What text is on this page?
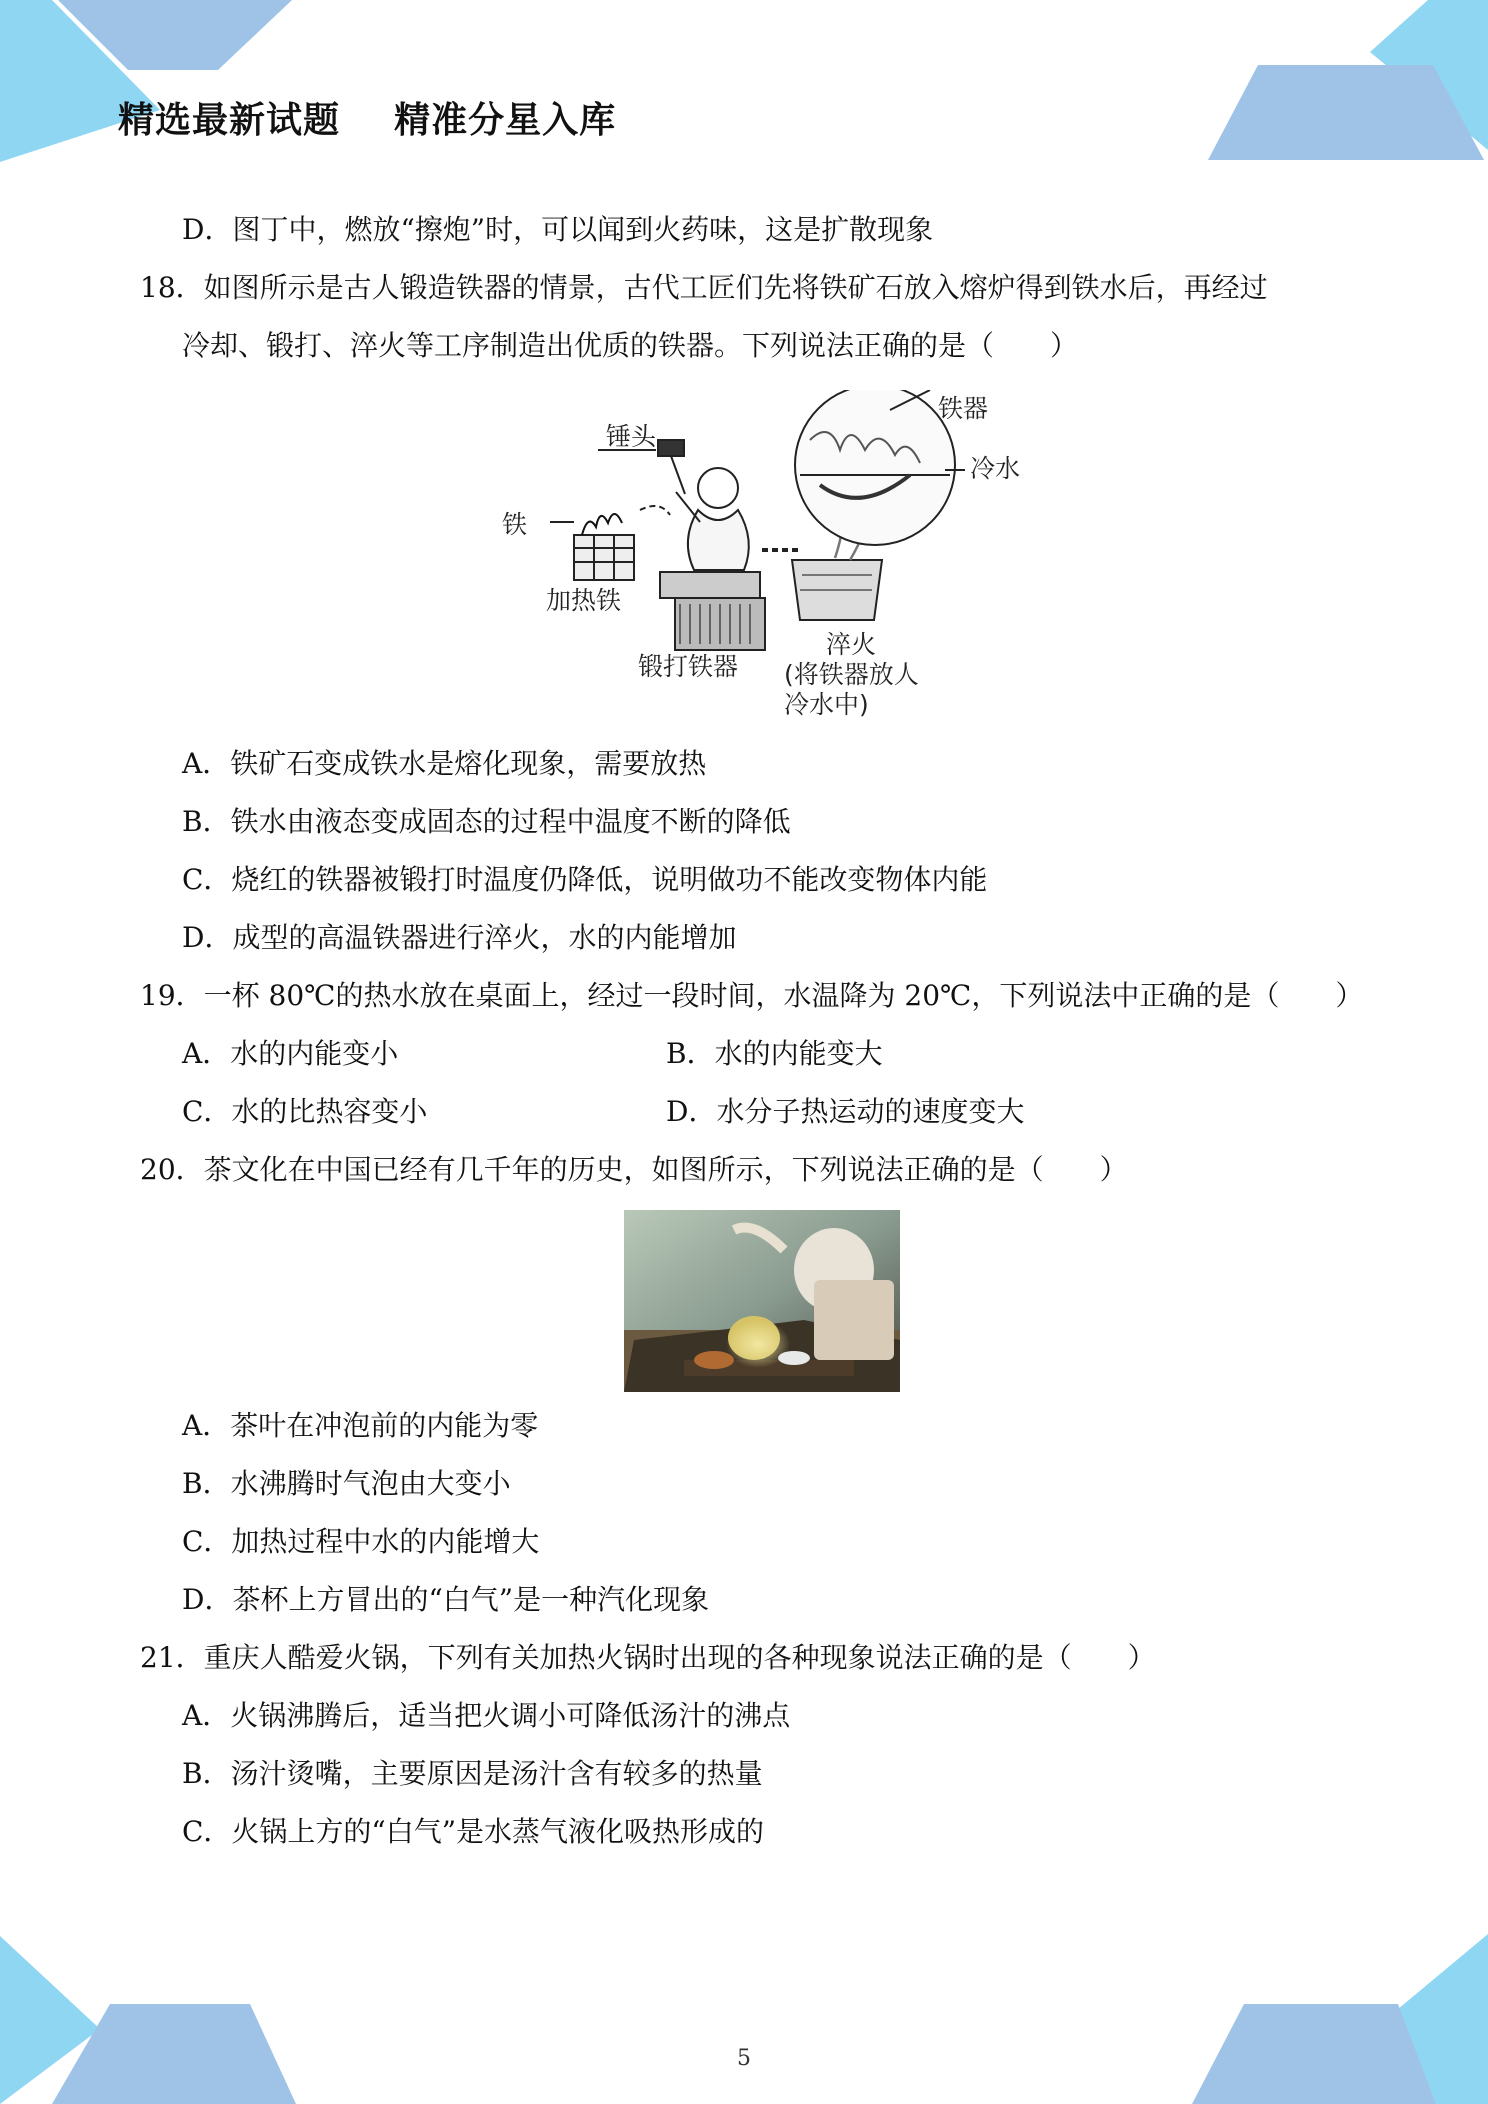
精选最新试题    精准分星入库
D．图丁中，燃放“擦炮”时，可以闻到火药味，这是扩散现象
18．如图所示是古人锻造铁器的情景，古代工匠们先将铁矿石放入熔炉得到铁水后，再经过
冷却、锻打、淬火等工序制造出优质的铁器。下列说法正确的是（　　）
锤头
铁
加热铁
锻打铁器
铁器
冷水
淬火
(将铁器放人
冷水中)
A．铁矿石变成铁水是熔化现象，需要放热
B．铁水由液态变成固态的过程中温度不断的降低
C．烧红的铁器被锻打时温度仍降低，说明做功不能改变物体内能
D．成型的高温铁器进行淬火，水的内能增加
19．一杯 80℃的热水放在桌面上，经过一段时间，水温降为 20℃，下列说法中正确的是（　　）
A．水的内能变小	B．水的内能变大
C．水的比热容变小	D．水分子热运动的速度变大
20．茶文化在中国已经有几千年的历史，如图所示，下列说法正确的是（　　）
A．茶叶在冲泡前的内能为零
B．水沸腾时气泡由大变小
C．加热过程中水的内能增大
D．茶杯上方冒出的“白气”是一种汽化现象
21．重庆人酷爱火锅，下列有关加热火锅时出现的各种现象说法正确的是（　　）
A．火锅沸腾后，适当把火调小可降低汤汁的沸点
B．汤汁烫嘴，主要原因是汤汁含有较多的热量
C．火锅上方的“白气”是水蒸气液化吸热形成的
5
